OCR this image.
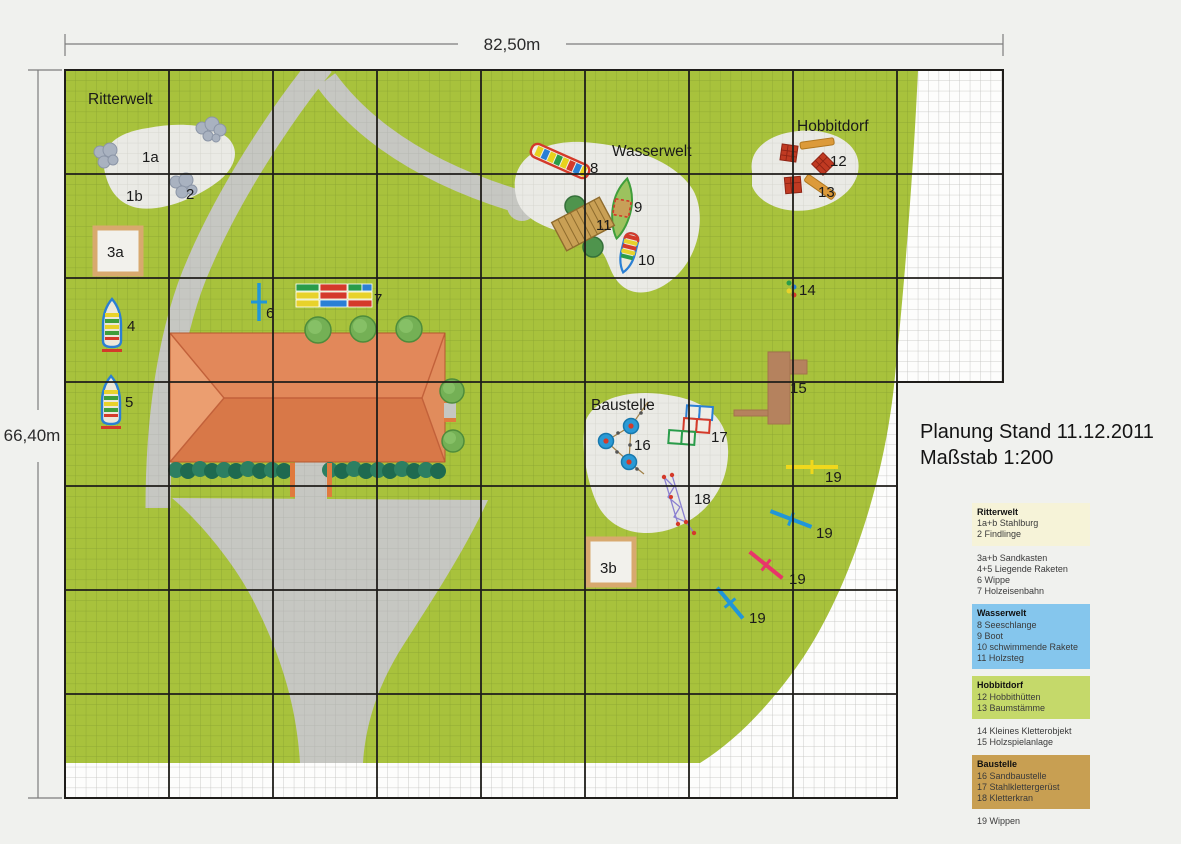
82,50m
66,40m
Ritterwelt
Wasserwelt
Hobbitdorf
Baustelle
1a
1b	2
3a
3b
4
5
6
7
8
9
10
11
12
13
14
15
16	17
18
19
19
19
19
Planung Stand 11.12.2011
Maßstab 1:200
Ritterwelt
1a+b Stahlburg
2 Findlinge
3a+b Sandkasten
4+5 Liegende Raketen
6 Wippe
7 Holzeisenbahn
Wasserwelt
8 Seeschlange
9 Boot
10 schwimmende Rakete
11 Holzsteg
Hobbitdorf
12 Hobbithütten
13 Baumstämme
14 Kleines Kletterobjekt
15 Holzspielanlage
Baustelle
16 Sandbaustelle
17 Stahlklettergerüst
18 Kletterkran
19 Wippen
